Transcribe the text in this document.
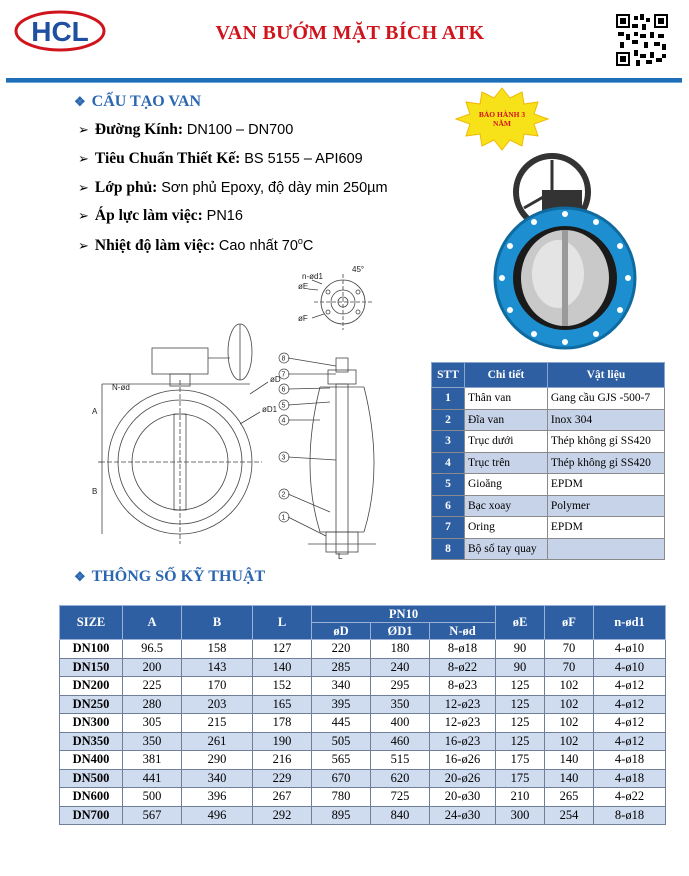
HCL	VAN BƯỚM MẶT BÍCH ATK
❖ CẤU TẠO VAN
➢ Đường Kính: DN100 – DN700
➢ Tiêu Chuẩn Thiết Kế: BS 5155 – API609
➢ Lớp phủ: Sơn phủ Epoxy, độ dày min 250µm
➢ Áp lực làm việc: PN16
➢ Nhiệt độ làm việc: Cao nhất 70$^o$C
BẢO HÀNH 3
NĂM
n-ød1
øE
øF
45°
N-ød
øD
øD1
A
B
L
8
7
6
5
4
3
2
1
STT	Chi tiết	Vật liệu
1	Thân van	Gang cầu GJS -500-7
2	Đĩa van	Inox 304
3	Trục dưới	Thép không gỉ SS420
4	Trục trên	Thép không gỉ SS420
5	Gioăng	EPDM
6	Bạc xoay	Polymer
7	Oring	EPDM
8	Bộ số tay quay	
❖ THÔNG SỐ KỸ THUẬT
SIZE	A	B	L	PN10			øE	øF	n-ød1
				øD	ØD1	N-ød			
DN100	96.5	158	127	220	180	8-ø18	90	70	4-ø10
DN150	200	143	140	285	240	8-ø22	90	70	4-ø10
DN200	225	170	152	340	295	8-ø23	125	102	4-ø12
DN250	280	203	165	395	350	12-ø23	125	102	4-ø12
DN300	305	215	178	445	400	12-ø23	125	102	4-ø12
DN350	350	261	190	505	460	16-ø23	125	102	4-ø12
DN400	381	290	216	565	515	16-ø26	175	140	4-ø18
DN500	441	340	229	670	620	20-ø26	175	140	4-ø18
DN600	500	396	267	780	725	20-ø30	210	265	4-ø22
DN700	567	496	292	895	840	24-ø30	300	254	8-ø18
